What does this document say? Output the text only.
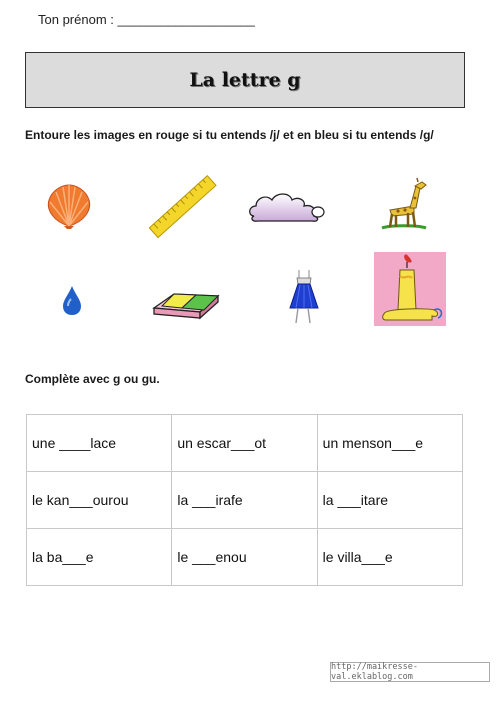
Ton prénom : ___________________
La lettre g
Entoure les images en rouge si tu entends /j/ et en bleu si tu entends /g/
Complète avec g ou gu.
une ____lace	un escar___ot	un menson___e
le kan___ourou	la ___irafe	la ___itare
la ba___e	le ___enou	le villa___e
http://maikresse-val.eklablog.com
